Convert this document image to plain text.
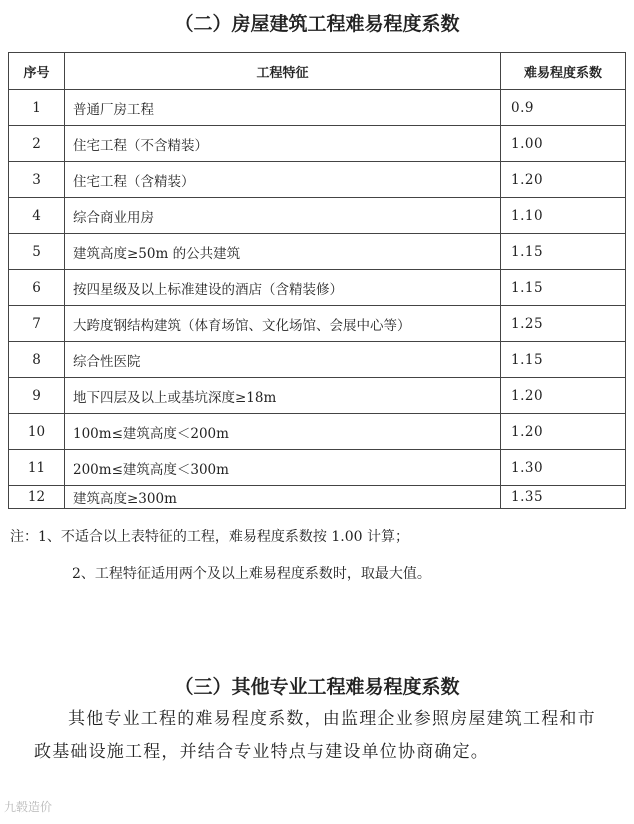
（二）房屋建筑工程难易程度系数
序号	工程特征	难易程度系数
1	普通厂房工程	0.9
2	住宅工程（不含精装）	1.00
3	住宅工程（含精装）	1.20
4	综合商业用房	1.10
5	建筑高度≥50m 的公共建筑	1.15
6	按四星级及以上标准建设的酒店（含精装修）	1.15
7	大跨度钢结构建筑（体育场馆、文化场馆、会展中心等）	1.25
8	综合性医院	1.15
9	地下四层及以上或基坑深度≥18m	1.20
10	100m≤建筑高度＜200m	1.20
11	200m≤建筑高度＜300m	1.30
12	建筑高度≥300m	1.35
注：1、不适合以上表特征的工程，难易程度系数按 1.00 计算；
2、工程特征适用两个及以上难易程度系数时，取最大值。
（三）其他专业工程难易程度系数
其他专业工程的难易程度系数，由监理企业参照房屋建筑工程和市政基础设施工程，并结合专业特点与建设单位协商确定。
九毂造价
